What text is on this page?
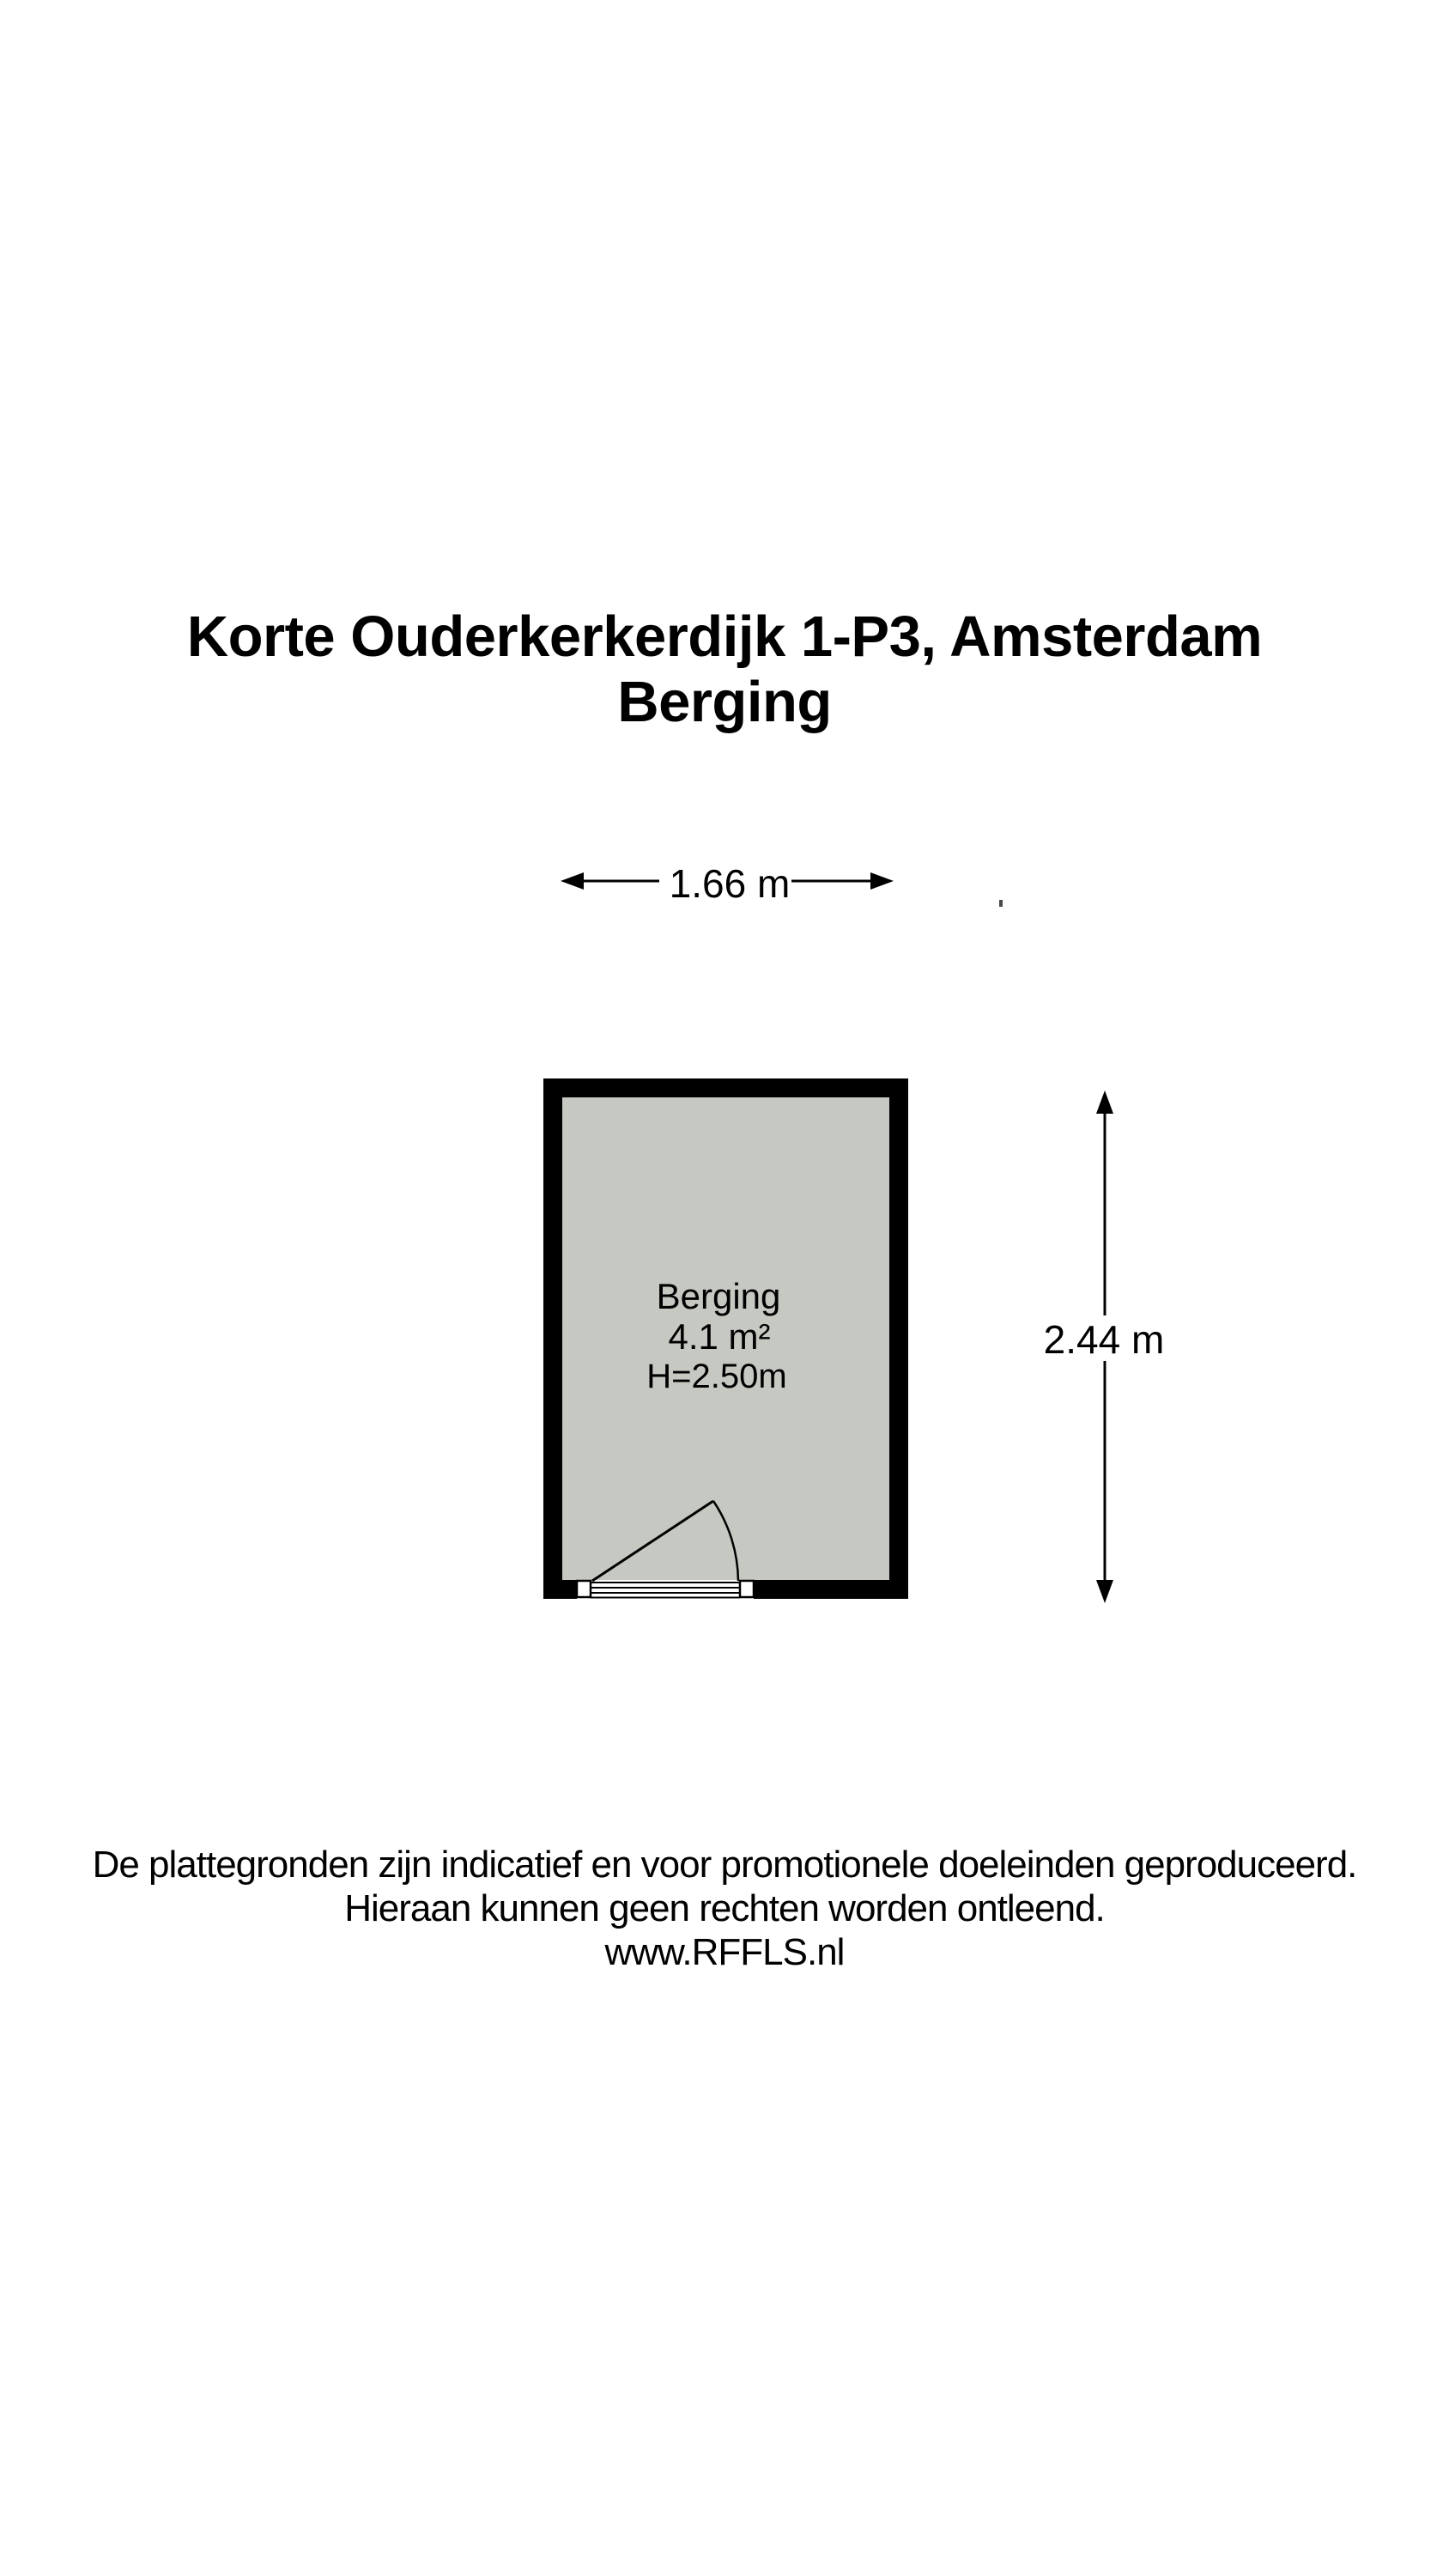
Korte Ouderkerkerdijk 1-P3, Amsterdam
Berging
1.66 m
2.44 m
Berging
4.1 m²
H=2.50m
De plattegronden zijn indicatief en voor promotionele doeleinden geproduceerd.
Hieraan kunnen geen rechten worden ontleend.
www.RFFLS.nl
